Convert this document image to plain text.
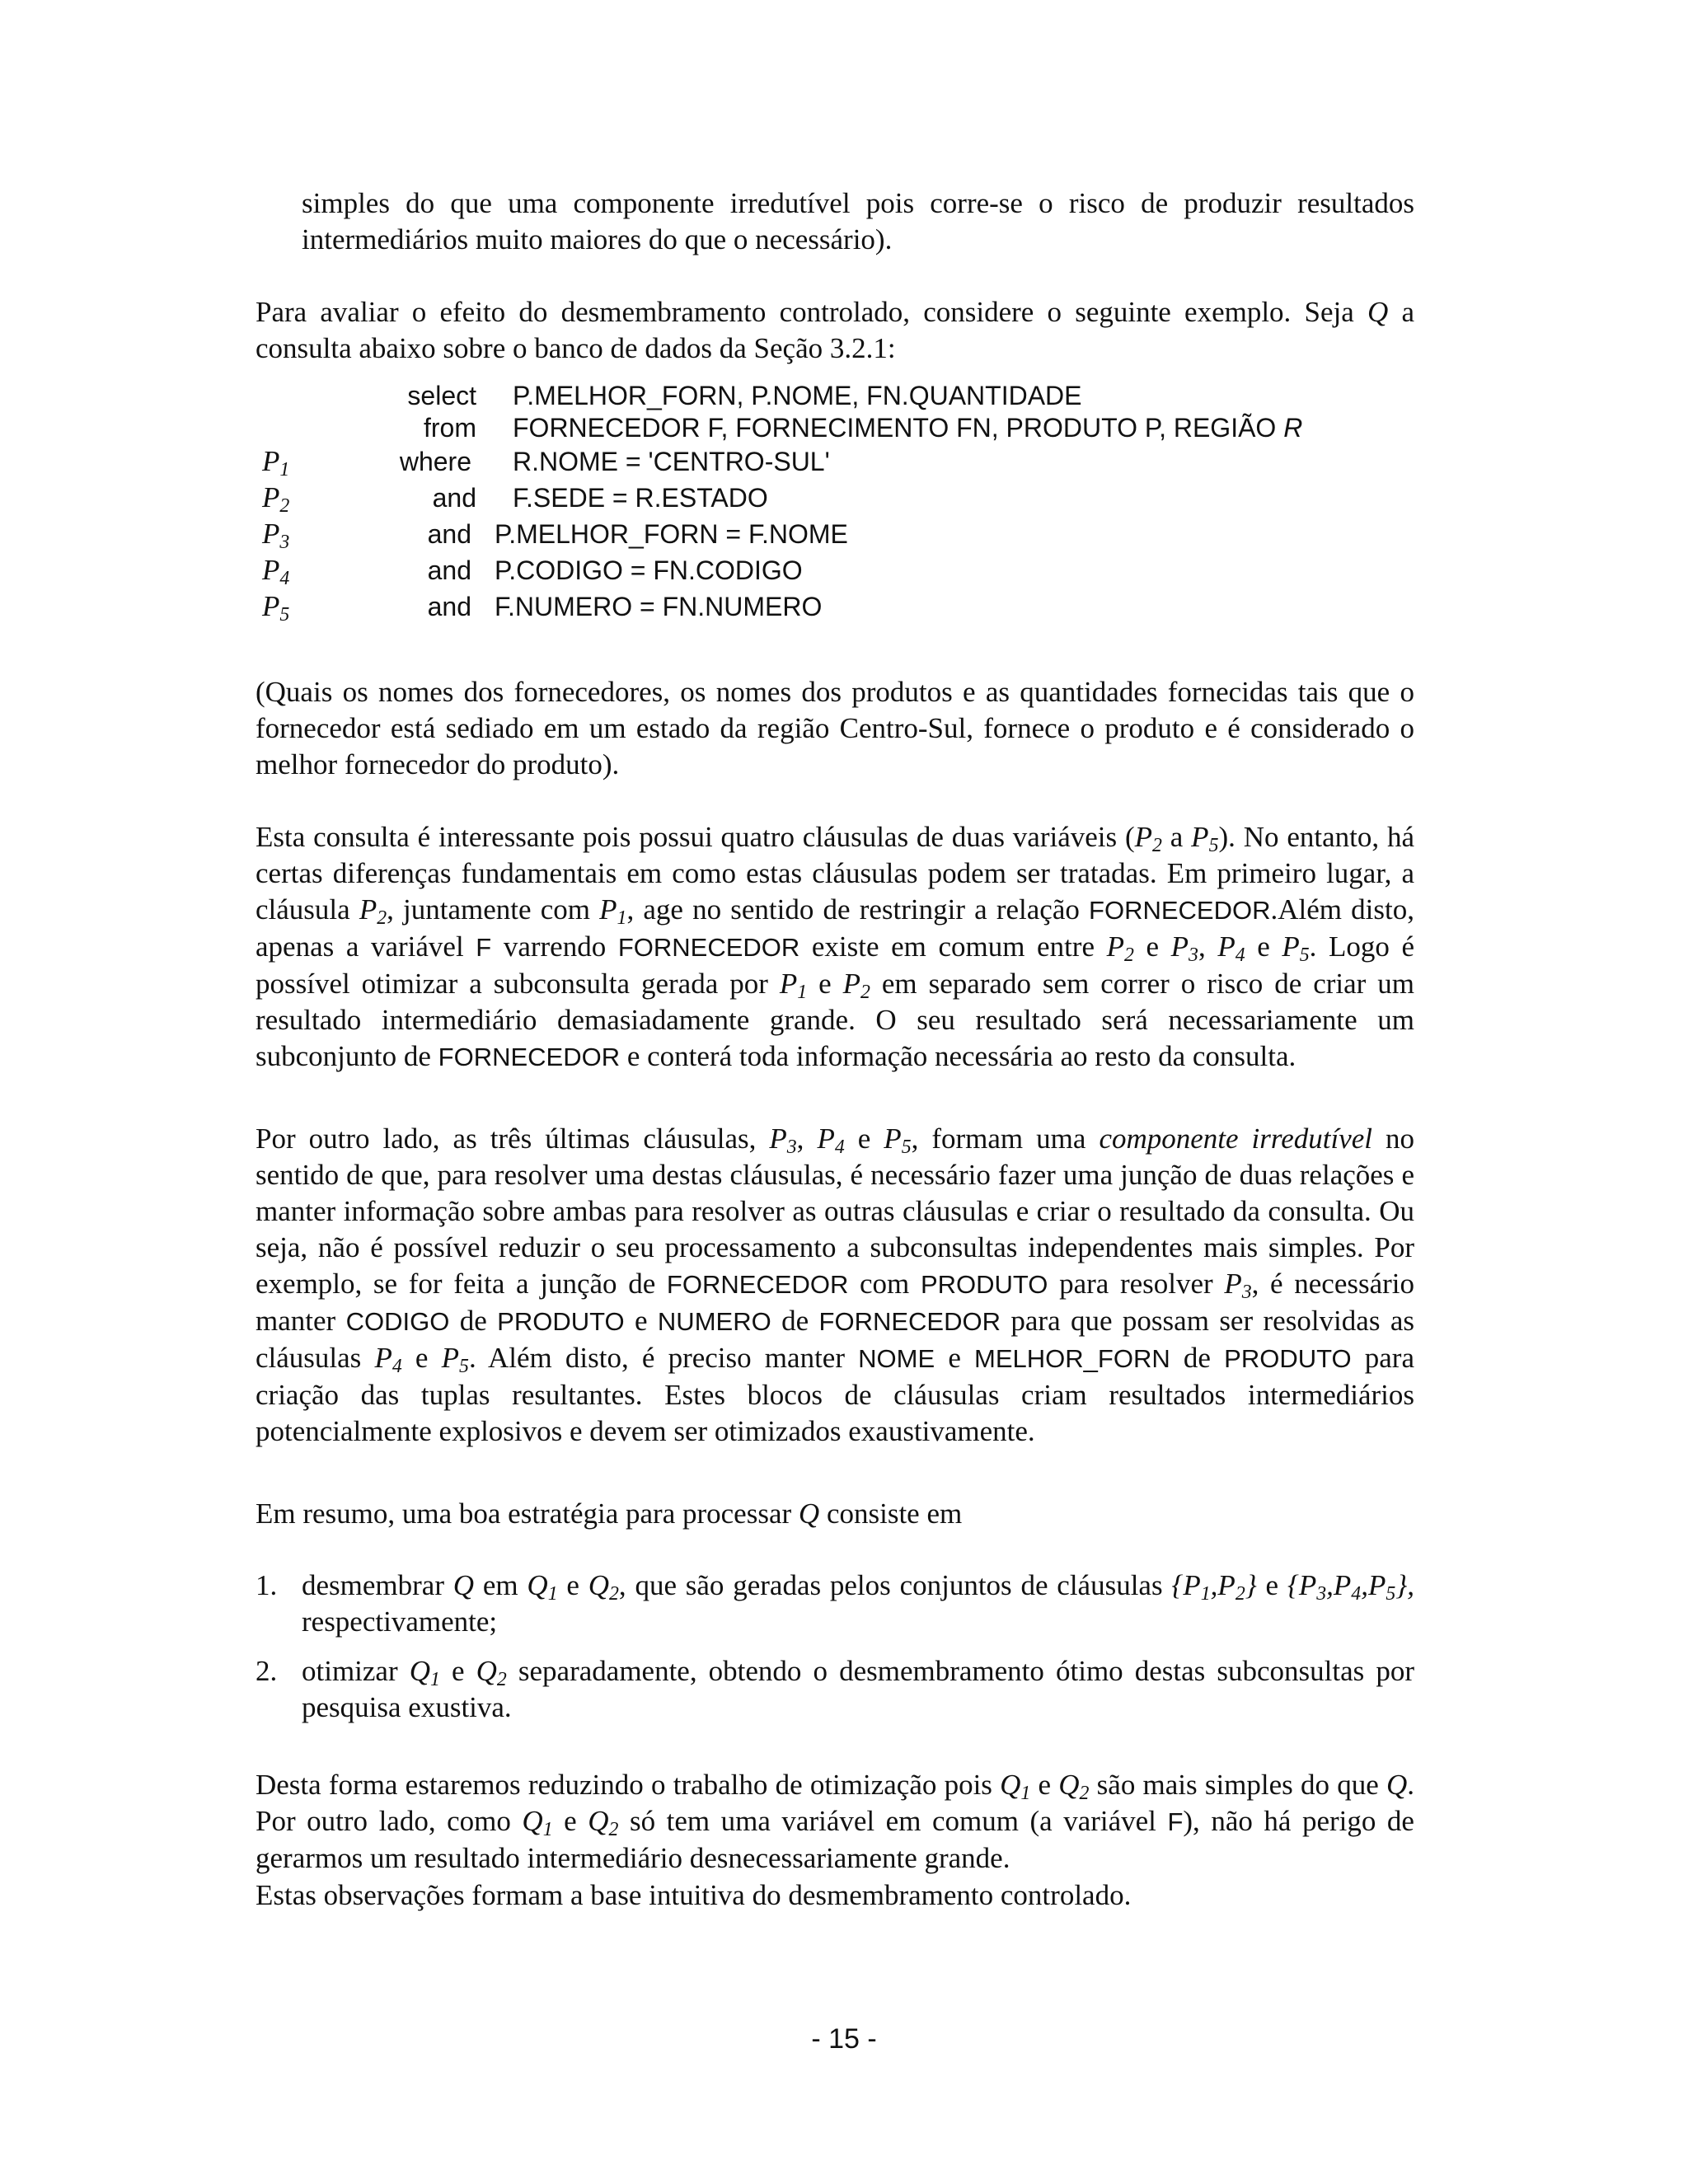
simples do que uma componente irredutível pois corre-se o risco de produzir resultados intermediários muito maiores do que o necessário).
Para avaliar o efeito do desmembramento controlado, considere o seguinte exemplo. Seja Q a consulta abaixo sobre o banco de dados da Seção 3.2.1:
select P.MELHOR_FORN, P.NOME, FN.QUANTIDADE
from FORNECEDOR F, FORNECIMENTO FN, PRODUTO P, REGIÃO R
$P_1$	where R.NOME = 'CENTRO-SUL'
$P_2$	and F.SEDE = R.ESTADO
$P_3$	and P.MELHOR_FORN = F.NOME
$P_4$	and P.CODIGO = FN.CODIGO
$P_5$	and F.NUMERO = FN.NUMERO
(Quais os nomes dos fornecedores, os nomes dos produtos e as quantidades fornecidas tais que o fornecedor está sediado em um estado da região Centro-Sul, fornece o produto e é considerado o melhor fornecedor do produto).
Esta consulta é interessante pois possui quatro cláusulas de duas variáveis ($P_2$ a $P_5$). No entanto, há certas diferenças fundamentais em como estas cláusulas podem ser tratadas. Em primeiro lugar, a cláusula $P_2$, juntamente com $P_1$, age no sentido de restringir a relação FORNECEDOR.Além disto, apenas a variável F varrendo FORNECEDOR existe em comum entre $P_2$ e $P_3$, $P_4$ e $P_5$. Logo é possível otimizar a subconsulta gerada por $P_1$ e $P_2$ em separado sem correr o risco de criar um resultado intermediário demasiadamente grande. O seu resultado será necessariamente um subconjunto de FORNECEDOR e conterá toda informação necessária ao resto da consulta.
Por outro lado, as três últimas cláusulas, $P_3$, $P_4$ e $P_5$, formam uma componente irredutível no sentido de que, para resolver uma destas cláusulas, é necessário fazer uma junção de duas relações e manter informação sobre ambas para resolver as outras cláusulas e criar o resultado da consulta. Ou seja, não é possível reduzir o seu processamento a subconsultas independentes mais simples. Por exemplo, se for feita a junção de FORNECEDOR com PRODUTO para resolver $P_3$, é necessário manter CODIGO de PRODUTO e NUMERO de FORNECEDOR para que possam ser resolvidas as cláusulas $P_4$ e $P_5$. Além disto, é preciso manter NOME e MELHOR_FORN de PRODUTO para criação das tuplas resultantes. Estes blocos de cláusulas criam resultados intermediários potencialmente explosivos e devem ser otimizados exaustivamente.
Em resumo, uma boa estratégia para processar Q consiste em
1. desmembrar Q em $Q_1$ e $Q_2$, que são geradas pelos conjuntos de cláusulas $\{P_1,P_2\}$ e $\{P_3,P_4,P_5\}$, respectivamente;
2. otimizar $Q_1$ e $Q_2$ separadamente, obtendo o desmembramento ótimo destas subconsultas por pesquisa exustiva.
Desta forma estaremos reduzindo o trabalho de otimização pois $Q_1$ e $Q_2$ são mais simples do que Q. Por outro lado, como $Q_1$ e $Q_2$ só tem uma variável em comum (a variável F), não há perigo de gerarmos um resultado intermediário desnecessariamente grande.
Estas observações formam a base intuitiva do desmembramento controlado.
- 15 -
